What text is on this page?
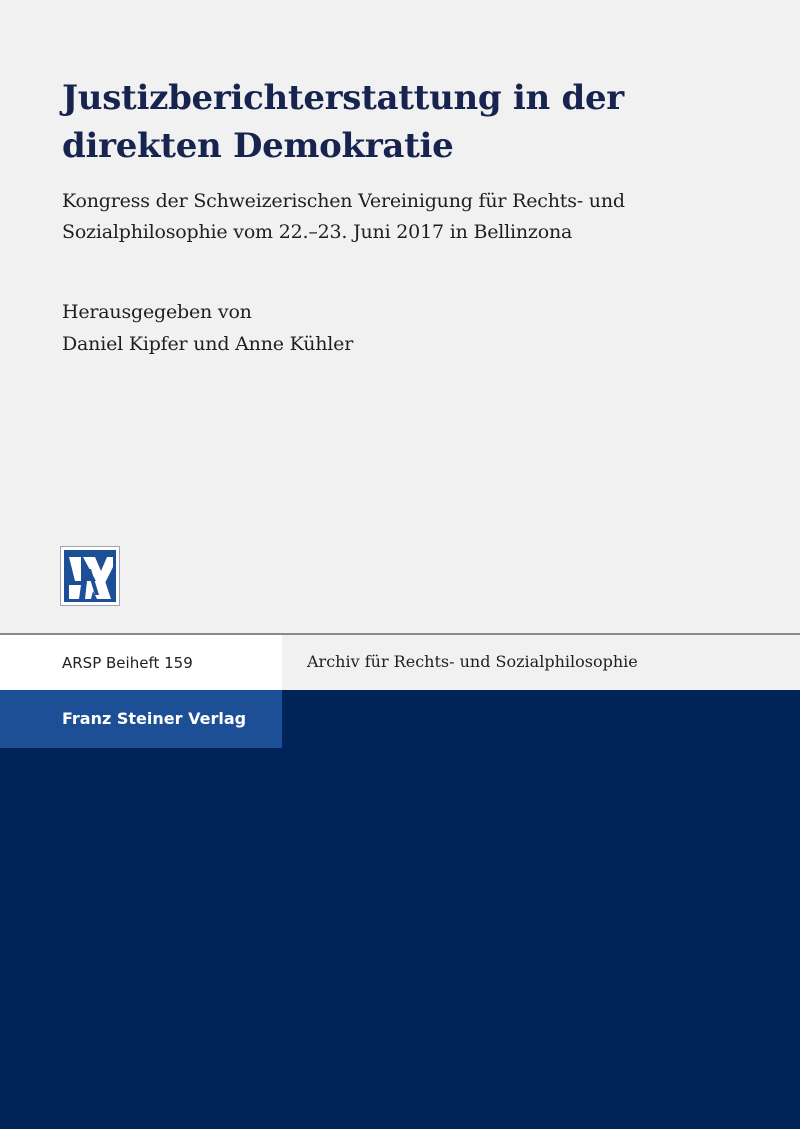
Justizberichterstattung in der
direkten Demokratie
Kongress der Schweizerischen Vereinigung für Rechts- und
Sozialphilosophie vom 22.–23. Juni 2017 in Bellinzona
Herausgegeben von
Daniel Kipfer und Anne Kühler
ARSP Beiheft 159	Archiv für Rechts- und Sozialphilosophie
Franz Steiner Verlag
